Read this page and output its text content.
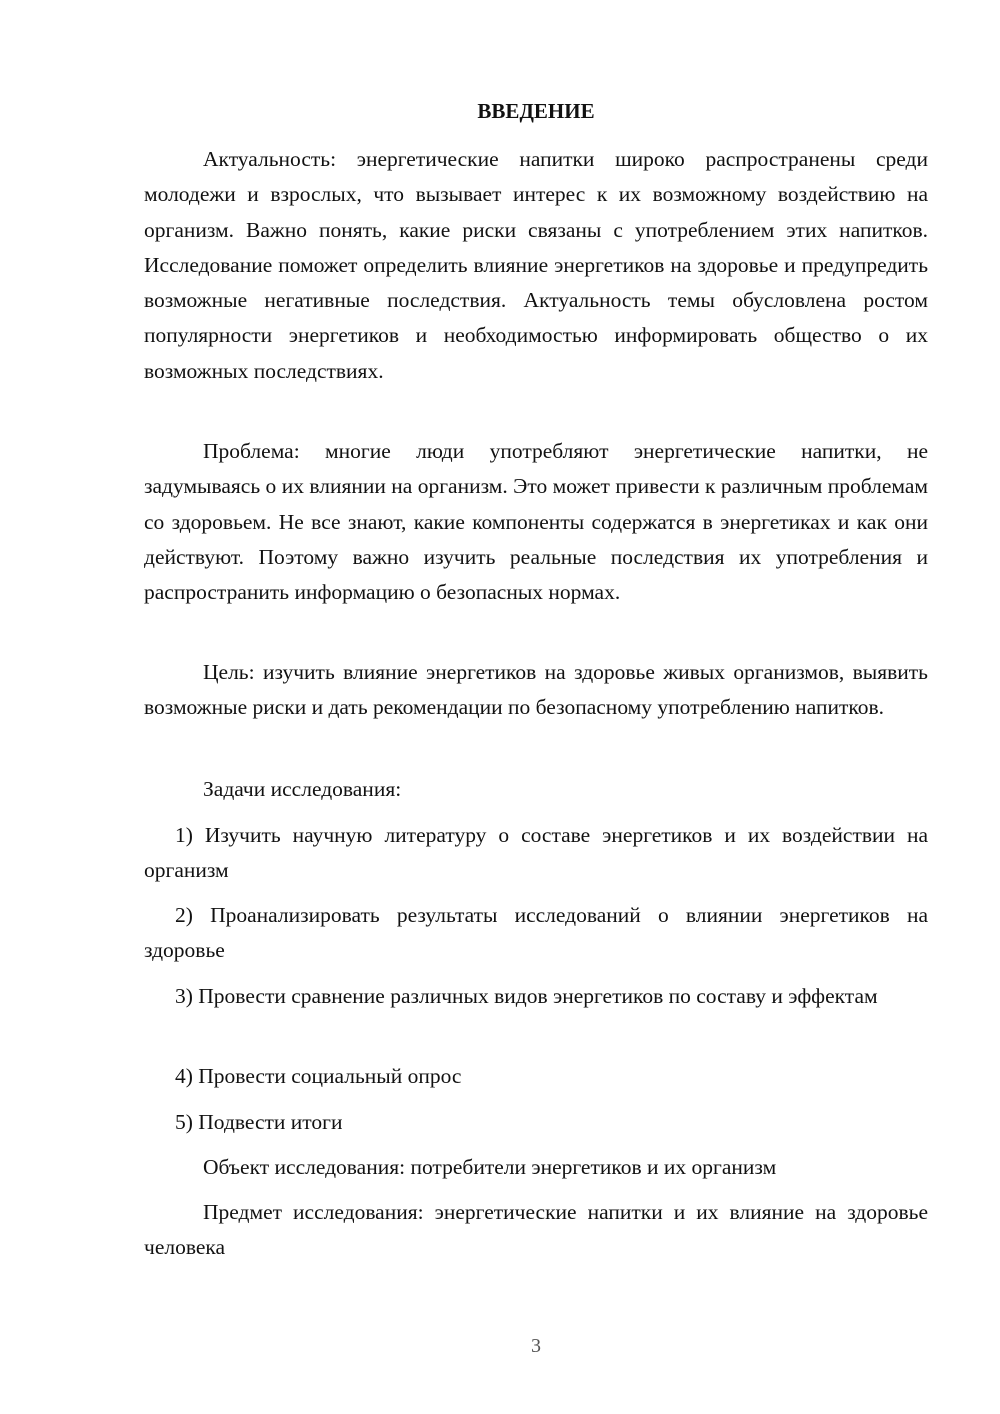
ВВЕДЕНИЕ

Актуальность: энергетические напитки широко распространены среди молодежи и взрослых, что вызывает интерес к их возможному воздействию на организм. Важно понять, какие риски связаны с употреблением этих напитков. Исследование поможет определить влияние энергетиков на здоровье и предупредить возможные негативные последствия. Актуальность темы обусловлена ростом популярности энергетиков и необходимостью информировать общество о их возможных последствиях.

Проблема: многие люди употребляют энергетические напитки, не задумываясь о их влиянии на организм. Это может привести к различным проблемам со здоровьем. Не все знают, какие компоненты содержатся в энергетиках и как они действуют. Поэтому важно изучить реальные последствия их употребления и распространить информацию о безопасных нормах.

Цель: изучить влияние энергетиков на здоровье живых организмов, выявить возможные риски и дать рекомендации по безопасному употреблению напитков.

Задачи исследования:

1) Изучить научную литературу о составе энергетиков и их воздействии на организм

2) Проанализировать результаты исследований о влиянии энергетиков на здоровье

3) Провести сравнение различных видов энергетиков по составу и эффектам

4) Провести социальный опрос

5) Подвести итоги

Объект исследования: потребители энергетиков и их организм

Предмет исследования: энергетические напитки и их влияние на здоровье человека

3
